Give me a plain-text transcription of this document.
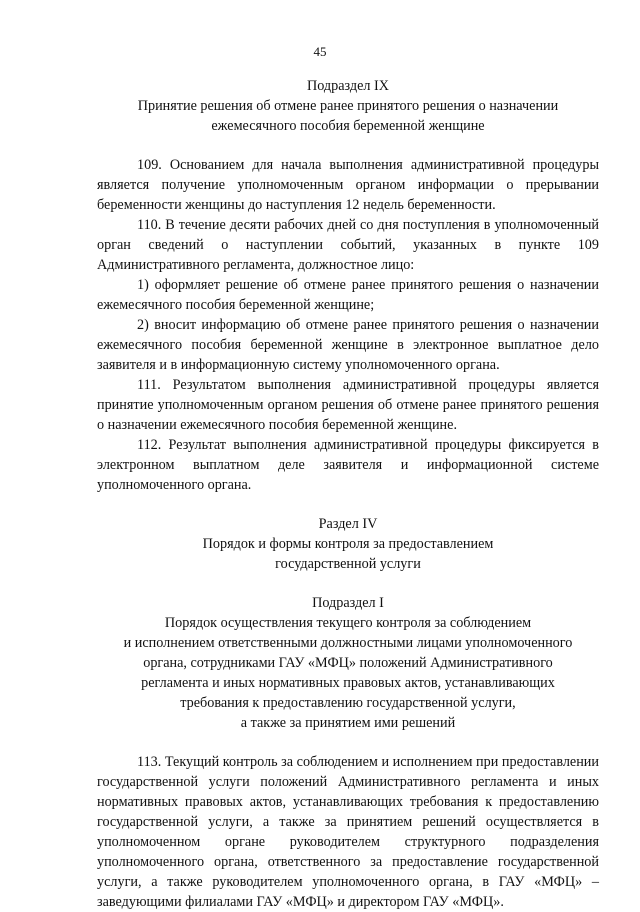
45
Подраздел IX
Принятие решения об отмене ранее принятого решения о назначении
ежемесячного пособия беременной женщине

109. Основанием для начала выполнения административной процедуры является получение уполномоченным органом информации о прерывании беременности женщины до наступления 12 недель беременности.

110. В течение десяти рабочих дней со дня поступления в уполномоченный орган сведений о наступлении событий, указанных в пункте 109 Административного регламента, должностное лицо:

1) оформляет решение об отмене ранее принятого решения о назначении ежемесячного пособия беременной женщине;
2) вносит информацию об отмене ранее принятого решения о назначении ежемесячного пособия беременной женщине в электронное выплатное дело заявителя и в информационную систему уполномоченного органа.

111. Результатом выполнения административной процедуры является принятие уполномоченным органом решения об отмене ранее принятого решения о назначении ежемесячного пособия беременной женщине.

112. Результат выполнения административной процедуры фиксируется в электронном выплатном деле заявителя и информационной системе уполномоченного органа.

Раздел IV
Порядок и формы контроля за предоставлением
государственной услуги
Подраздел I
Порядок осуществления текущего контроля за соблюдением
и исполнением ответственными должностными лицами уполномоченного
органа, сотрудниками ГАУ «МФЦ» положений Административного
регламента и иных нормативных правовых актов, устанавливающих
требования к предоставлению государственной услуги,
а также за принятием ими решений

113. Текущий контроль за соблюдением и исполнением при предоставлении государственной услуги положений Административного регламента и иных нормативных правовых актов, устанавливающих требования к предоставлению государственной услуги, а также за принятием решений осуществляется в уполномоченном органе руководителем структурного подразделения уполномоченного органа, ответственного за предоставление государственной услуги, а также руководителем уполномоченного органа, в ГАУ «МФЦ» – заведующими филиалами ГАУ «МФЦ» и директором ГАУ «МФЦ».
